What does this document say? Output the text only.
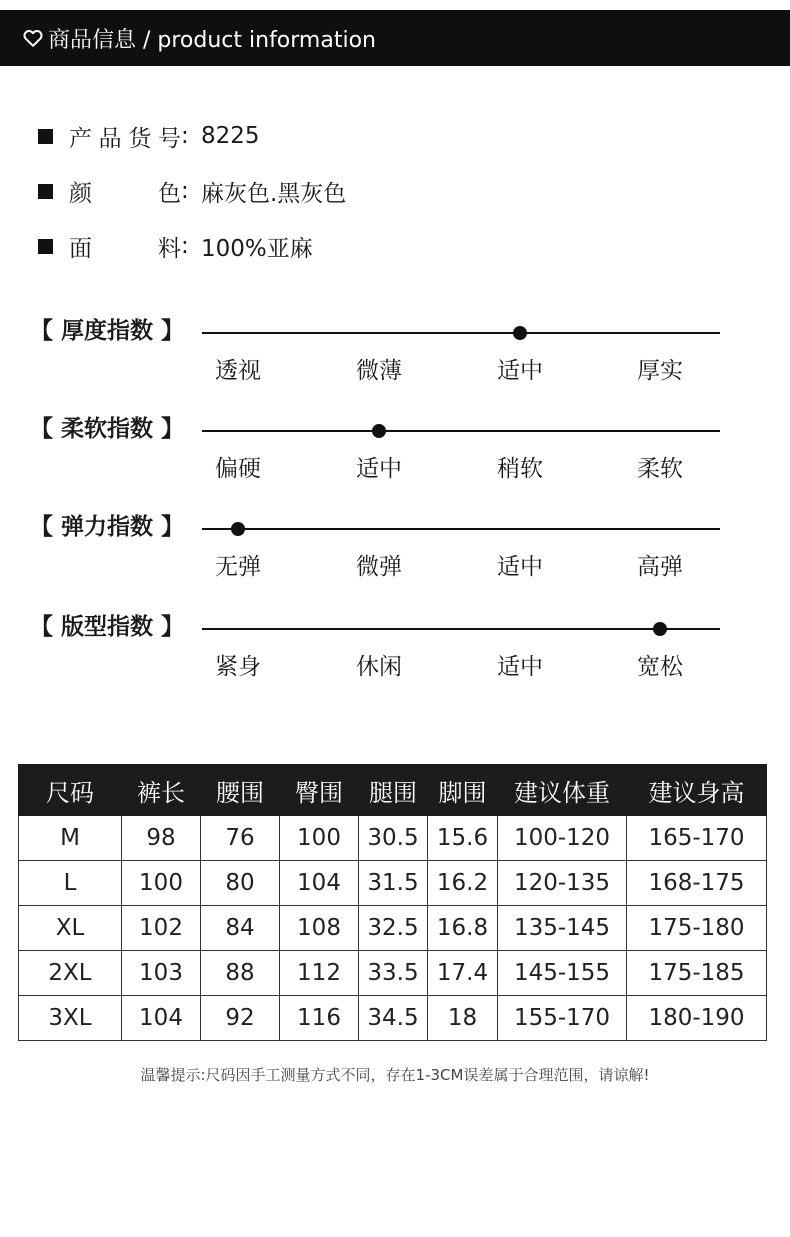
商品信息 / product information
产 品 货 号 : 8225
颜	色 : 麻灰色.黑灰色
面	料 : 100%亚麻
【 厚度指数 】
透视	微薄	适中	厚实
【 柔软指数 】
偏硬	适中	稍软	柔软
【 弹力指数 】
无弹	微弹	适中	高弹
【 版型指数 】
紧身	休闲	适中	宽松
尺码	裤长	腰围	臀围	腿围	脚围	建议体重	建议身高
M	98	76	100	30.5	15.6	100-120	165-170
L	100	80	104	31.5	16.2	120-135	168-175
XL	102	84	108	32.5	16.8	135-145	175-180
2XL	103	88	112	33.5	17.4	145-155	175-185
3XL	104	92	116	34.5	18	155-170	180-190
温馨提示:尺码因手工测量方式不同，存在1-3CM误差属于合理范围，请谅解!
